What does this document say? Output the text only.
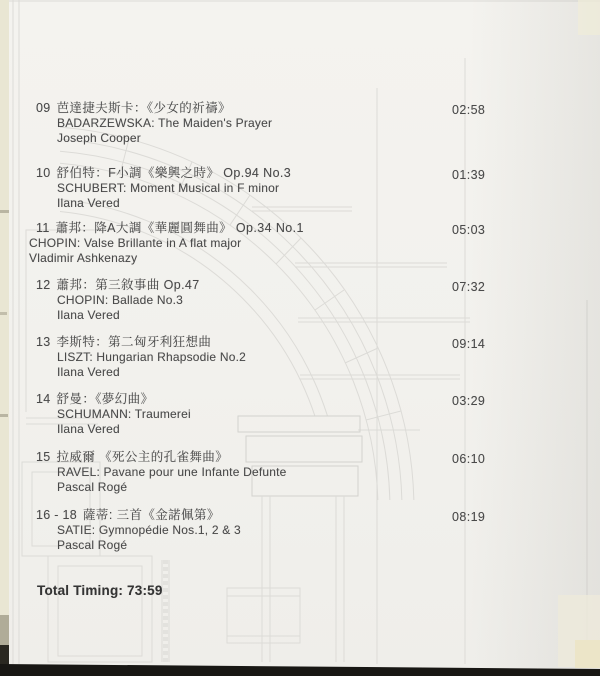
09 芭達捷夫斯卡：《少女的祈禱》
BADARZEWSKA: The Maiden's Prayer
Joseph Cooper
10 舒伯特：F小調《樂興之時》 Op.94 No.3
SCHUBERT: Moment Musical in F minor
Ilana Vered
11 蕭邦：降A大調《華麗圓舞曲》 Op.34 No.1
CHOPIN: Valse Brillante in A flat major
Vladimir Ashkenazy
12 蕭邦：第三敘事曲 Op.47
CHOPIN: Ballade No.3
Ilana Vered
13 李斯特：第二匈牙利狂想曲
LISZT: Hungarian Rhapsodie No.2
Ilana Vered
14 舒曼：《夢幻曲》
SCHUMANN: Traumerei
Ilana Vered
15 拉威爾 《死公主的孔雀舞曲》
RAVEL: Pavane pour une Infante Defunte
Pascal Rogé
16 - 18 薩蒂: 三首《金諾佩第》
SATIE: Gymnopédie Nos.1, 2 & 3
Pascal Rogé
02:58
01:39
05:03
07:32
09:14
03:29
06:10
08:19
Total Timing: 73:59
